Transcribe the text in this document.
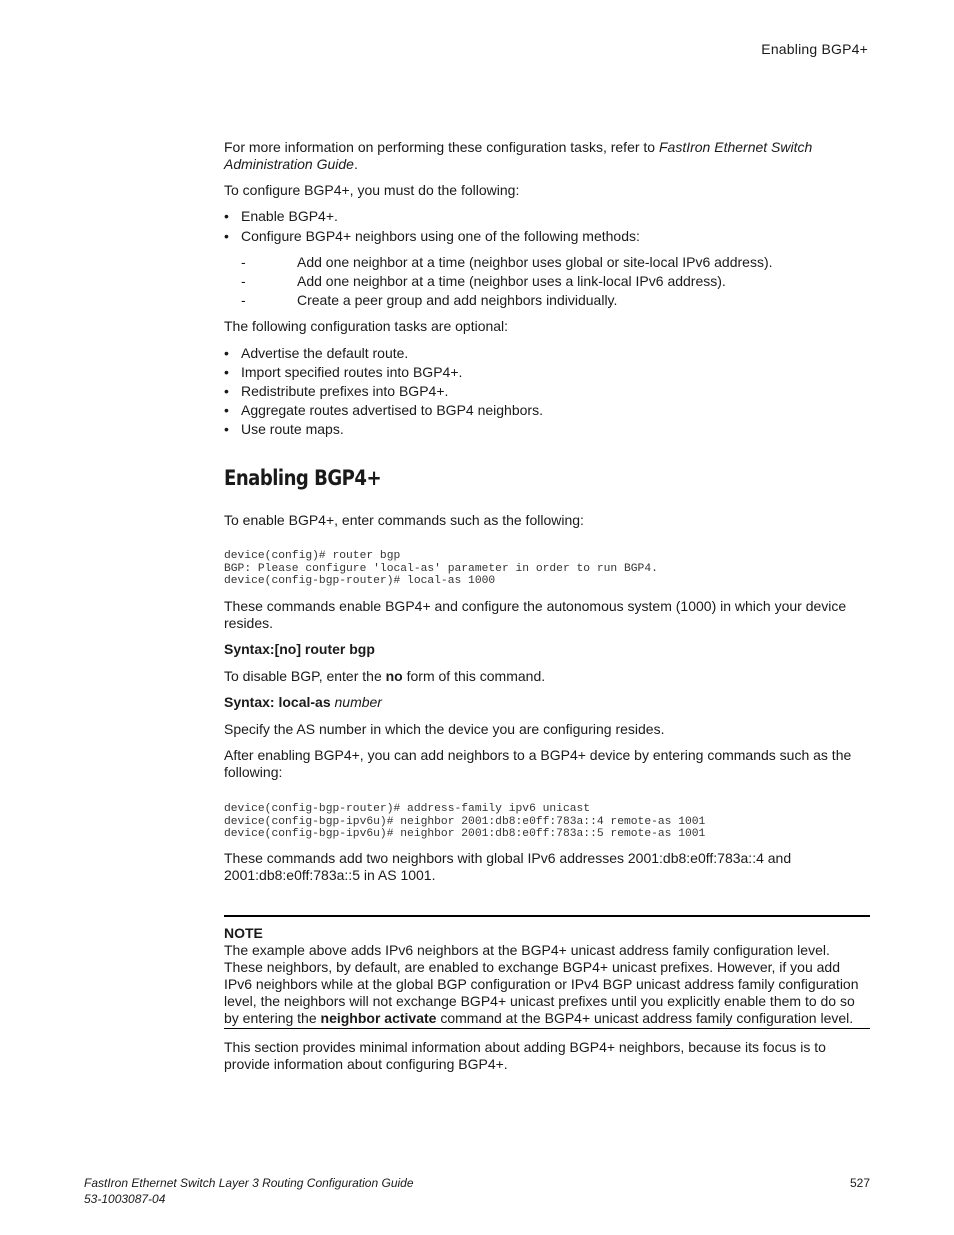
Enabling BGP4+
For more information on performing these configuration tasks, refer to FastIron Ethernet Switch
Administration Guide.
To configure BGP4+, you must do the following:
• Enable BGP4+.
• Configure BGP4+ neighbors using one of the following methods:
-	Add one neighbor at a time (neighbor uses global or site-local IPv6 address).
-	Add one neighbor at a time (neighbor uses a link-local IPv6 address).
-	Create a peer group and add neighbors individually.
The following configuration tasks are optional:
• Advertise the default route.
• Import specified routes into BGP4+.
• Redistribute prefixes into BGP4+.
• Aggregate routes advertised to BGP4 neighbors.
• Use route maps.
Enabling BGP4+
To enable BGP4+, enter commands such as the following:
device(config)# router bgp
BGP: Please configure 'local-as' parameter in order to run BGP4.
device(config-bgp-router)# local-as 1000
These commands enable BGP4+ and configure the autonomous system (1000) in which your device
resides.
Syntax:[no] router bgp
To disable BGP, enter the no form of this command.
Syntax: local-as number
Specify the AS number in which the device you are configuring resides.
After enabling BGP4+, you can add neighbors to a BGP4+ device by entering commands such as the
following:
device(config-bgp-router)# address-family ipv6 unicast
device(config-bgp-ipv6u)# neighbor 2001:db8:e0ff:783a::4 remote-as 1001
device(config-bgp-ipv6u)# neighbor 2001:db8:e0ff:783a::5 remote-as 1001
These commands add two neighbors with global IPv6 addresses 2001:db8:e0ff:783a::4 and
2001:db8:e0ff:783a::5 in AS 1001.
NOTE
The example above adds IPv6 neighbors at the BGP4+ unicast address family configuration level.
These neighbors, by default, are enabled to exchange BGP4+ unicast prefixes. However, if you add
IPv6 neighbors while at the global BGP configuration or IPv4 BGP unicast address family configuration
level, the neighbors will not exchange BGP4+ unicast prefixes until you explicitly enable them to do so
by entering the neighbor activate command at the BGP4+ unicast address family configuration level.
This section provides minimal information about adding BGP4+ neighbors, because its focus is to
provide information about configuring BGP4+.
FastIron Ethernet Switch Layer 3 Routing Configuration Guide
53-1003087-04
527
